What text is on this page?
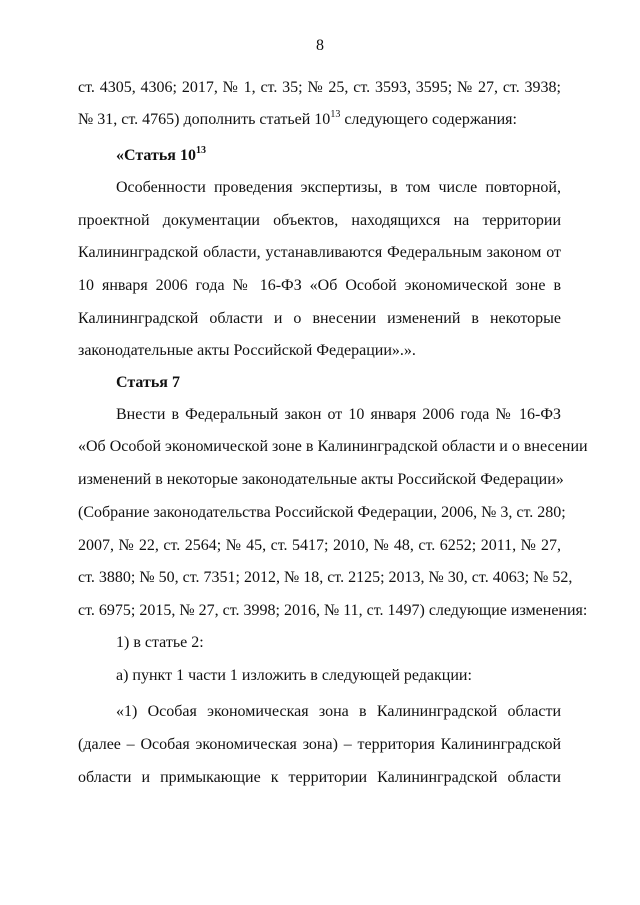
8
ст. 4305, 4306; 2017, № 1, ст. 35; № 25, ст. 3593, 3595; № 27, ст. 3938;
№ 31, ст. 4765) дополнить статьей $10^{13}$ следующего содержания:
«Статья $10^{13}$
Особенности проведения экспертизы, в том числе повторной,
проектной документации объектов, находящихся на территории
Калининградской области, устанавливаются Федеральным законом от
10 января 2006 года № 16-ФЗ «Об Особой экономической зоне в
Калининградской области и о внесении изменений в некоторые
законодательные акты Российской Федерации».».
Статья 7
Внести в Федеральный закон от 10 января 2006 года № 16-ФЗ
«Об Особой экономической зоне в Калининградской области и о внесении
изменений в некоторые законодательные акты Российской Федерации»
(Собрание законодательства Российской Федерации, 2006, № 3, ст. 280;
2007, № 22, ст. 2564; № 45, ст. 5417; 2010, № 48, ст. 6252; 2011, № 27,
ст. 3880; № 50, ст. 7351; 2012, № 18, ст. 2125; 2013, № 30, ст. 4063; № 52,
ст. 6975; 2015, № 27, ст. 3998; 2016, № 11, ст. 1497) следующие изменения:
1) в статье 2:
а) пункт 1 части 1 изложить в следующей редакции:
«1) Особая экономическая зона в Калининградской области
(далее – Особая экономическая зона) – территория Калининградской
области и примыкающие к территории Калининградской области
